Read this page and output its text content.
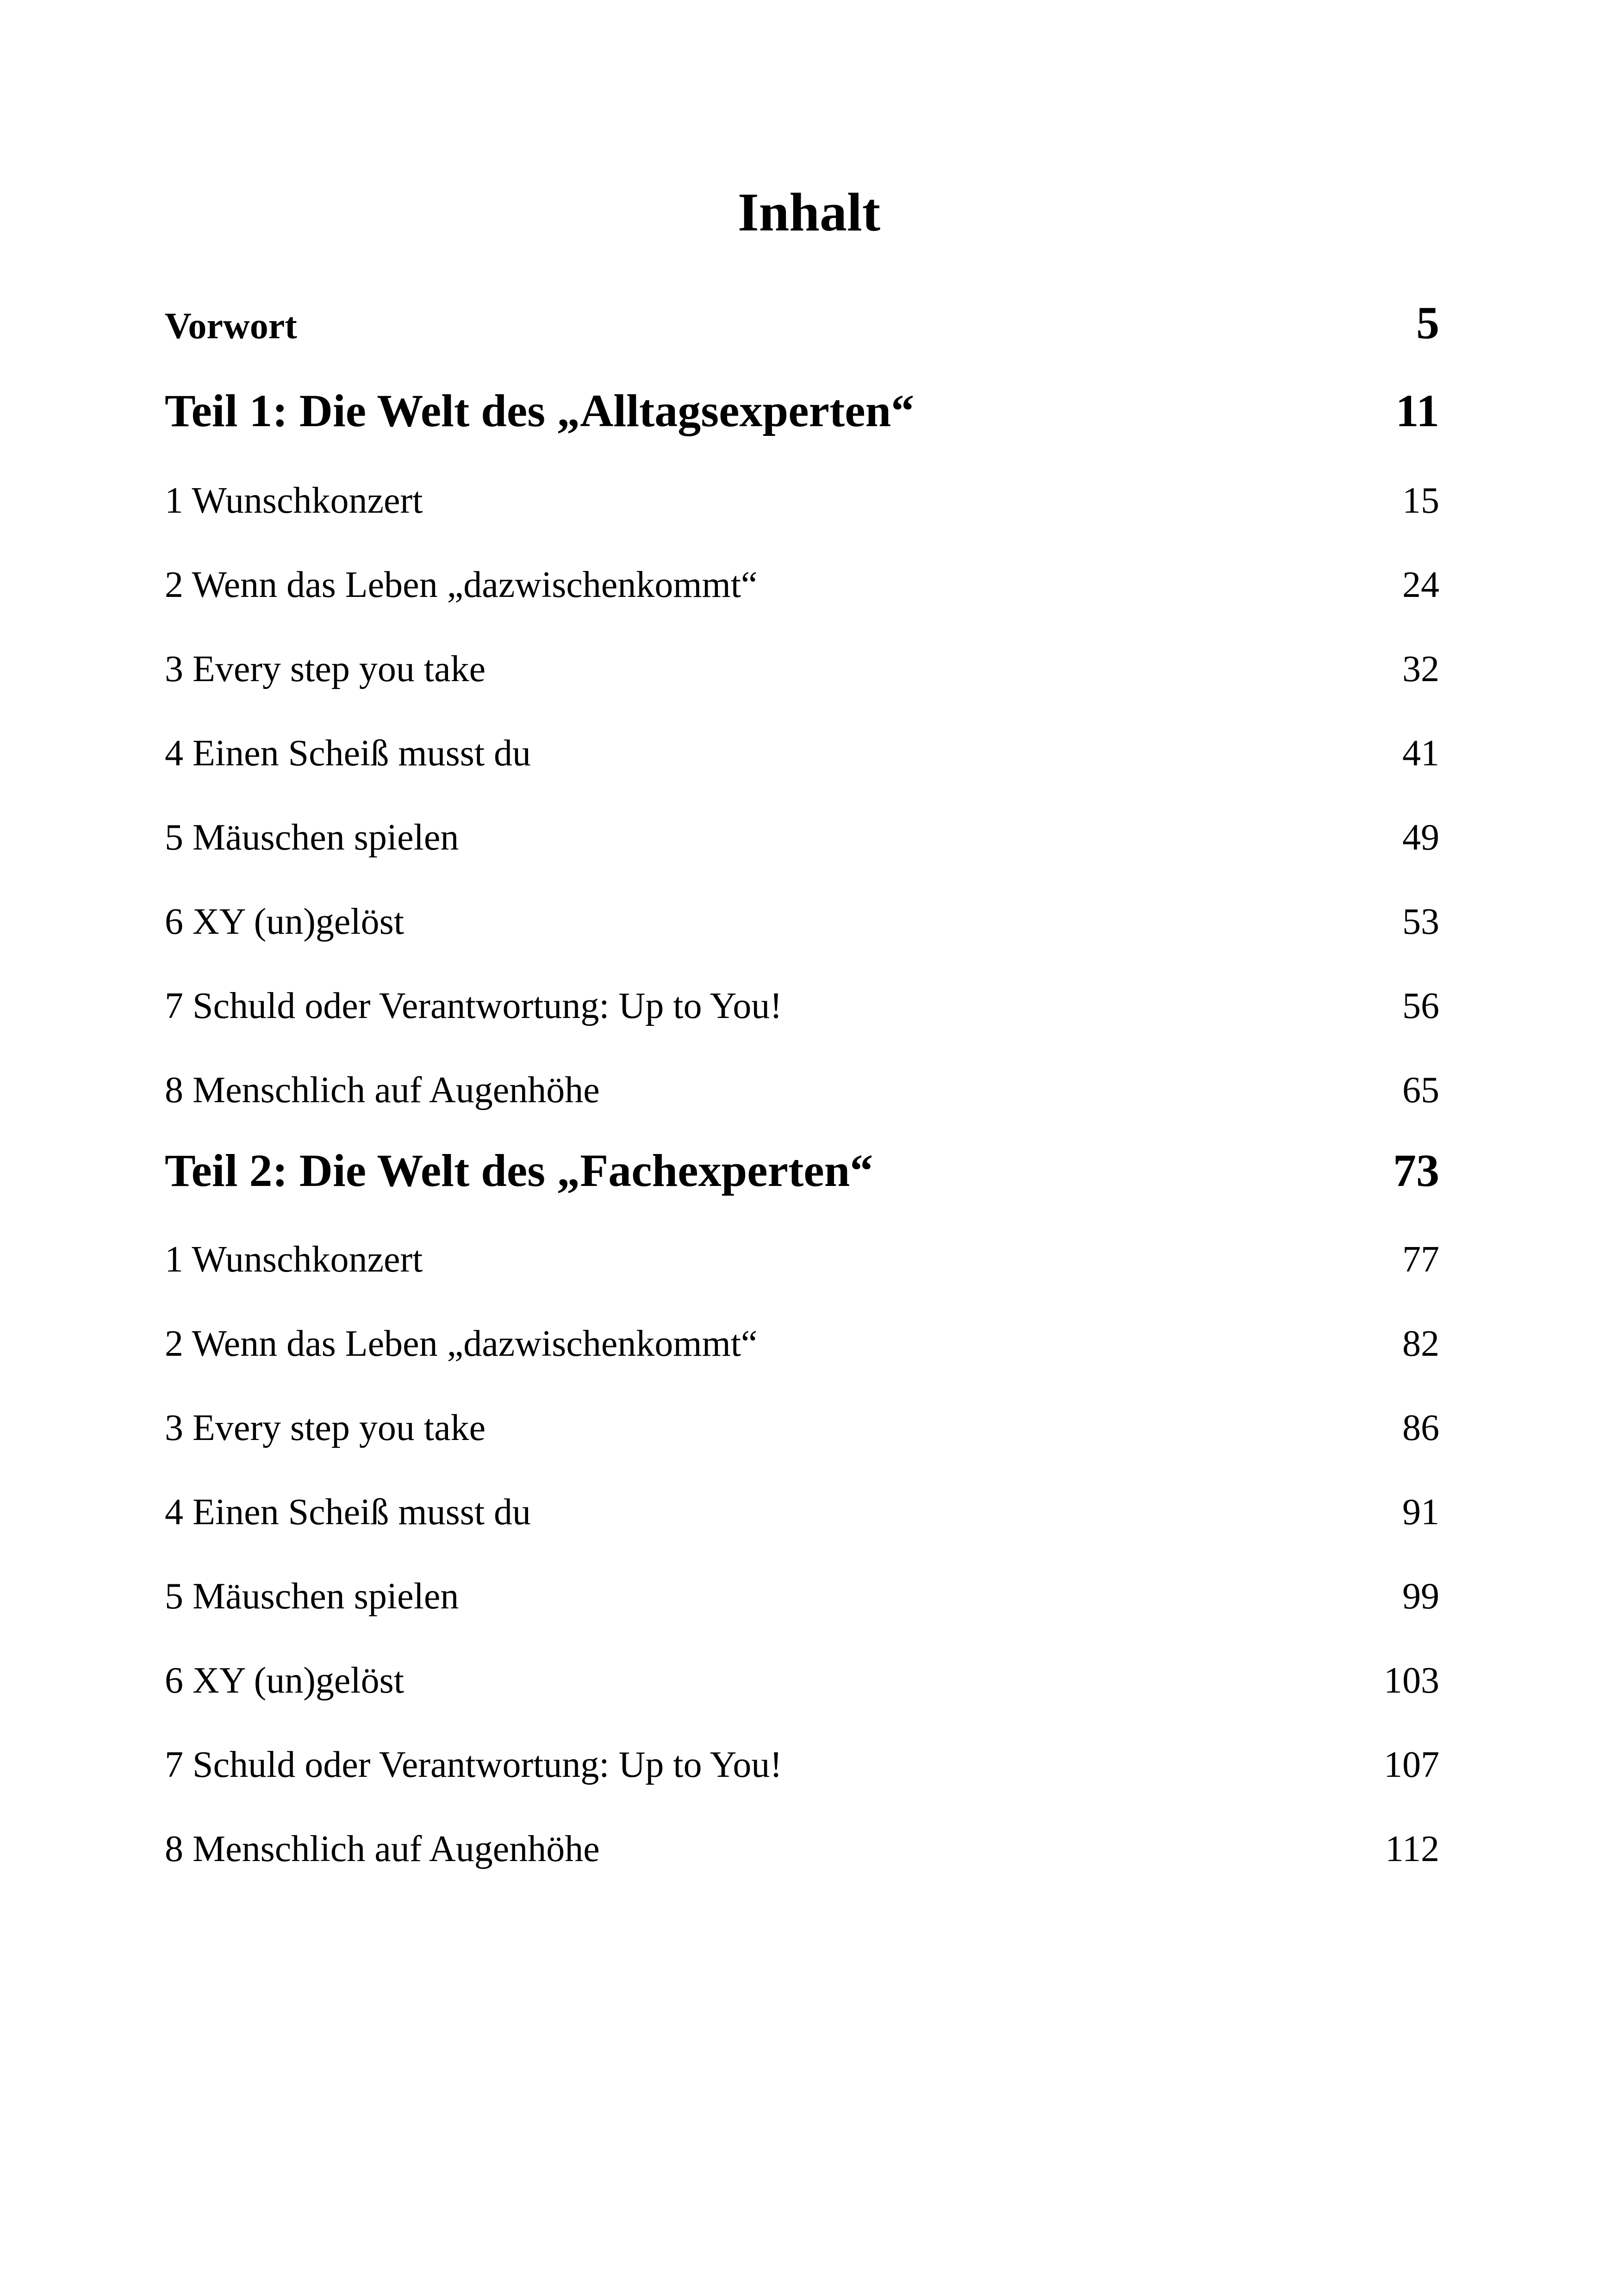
Inhalt
Vorwort	5
Teil 1: Die Welt des „Alltagsexperten“	11
1 Wunschkonzert	15
2 Wenn das Leben „dazwischenkommt“	24
3 Every step you take	32
4 Einen Scheiß musst du	41
5 Mäuschen spielen	49
6 XY (un)gelöst	53
7 Schuld oder Verantwortung: Up to You!	56
8 Menschlich auf Augenhöhe	65
Teil 2: Die Welt des „Fachexperten“	73
1 Wunschkonzert	77
2 Wenn das Leben „dazwischenkommt“	82
3 Every step you take	86
4 Einen Scheiß musst du	91
5 Mäuschen spielen	99
6 XY (un)gelöst	103
7 Schuld oder Verantwortung: Up to You!	107
8 Menschlich auf Augenhöhe	112
